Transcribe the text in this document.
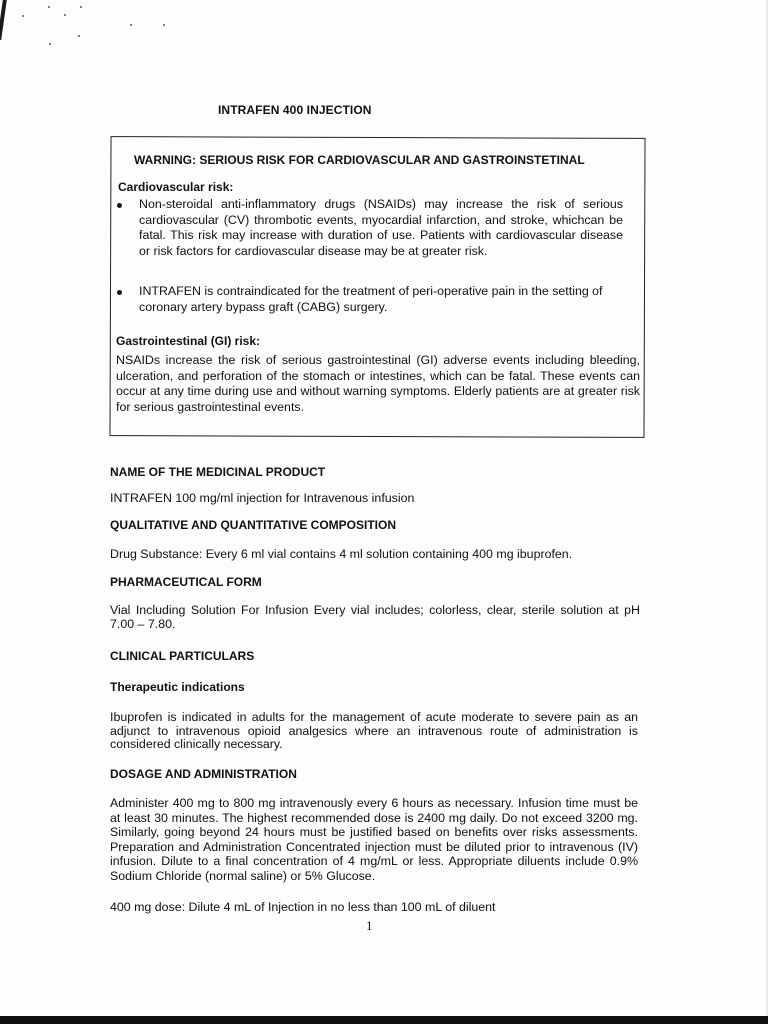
INTRAFEN 400 INJECTION
WARNING: SERIOUS RISK FOR CARDIOVASCULAR AND GASTROINSTETINAL
Cardiovascular risk:
Non-steroidal anti-inflammatory drugs (NSAIDs) may increase the risk of serious cardiovascular (CV) thrombotic events, myocardial infarction, and stroke, whichcan be fatal. This risk may increase with duration of use. Patients with cardiovascular disease or risk factors for cardiovascular disease may be at greater risk.
INTRAFEN is contraindicated for the treatment of peri-operative pain in the setting of coronary artery bypass graft (CABG) surgery.
Gastrointestinal (GI) risk:
NSAIDs increase the risk of serious gastrointestinal (GI) adverse events including bleeding, ulceration, and perforation of the stomach or intestines, which can be fatal. These events can occur at any time during use and without warning symptoms. Elderly patients are at greater risk for serious gastrointestinal events.
NAME OF THE MEDICINAL PRODUCT
INTRAFEN 100 mg/ml injection for Intravenous infusion
QUALITATIVE AND QUANTITATIVE COMPOSITION
Drug Substance: Every 6 ml vial contains 4 ml solution containing 400 mg ibuprofen.
PHARMACEUTICAL FORM
Vial Including Solution For Infusion Every vial includes; colorless, clear, sterile solution at pH 7.00 – 7.80.
CLINICAL PARTICULARS
Therapeutic indications
Ibuprofen is indicated in adults for the management of acute moderate to severe pain as an adjunct to intravenous opioid analgesics where an intravenous route of administration is considered clinically necessary.
DOSAGE AND ADMINISTRATION
Administer 400 mg to 800 mg intravenously every 6 hours as necessary. Infusion time must be at least 30 minutes. The highest recommended dose is 2400 mg daily. Do not exceed 3200 mg. Similarly, going beyond 24 hours must be justified based on benefits over risks assessments. Preparation and Administration Concentrated injection must be diluted prior to intravenous (IV) infusion. Dilute to a final concentration of 4 mg/mL or less. Appropriate diluents include 0.9% Sodium Chloride (normal saline) or 5% Glucose.
400 mg dose: Dilute 4 mL of Injection in no less than 100 mL of diluent
1
